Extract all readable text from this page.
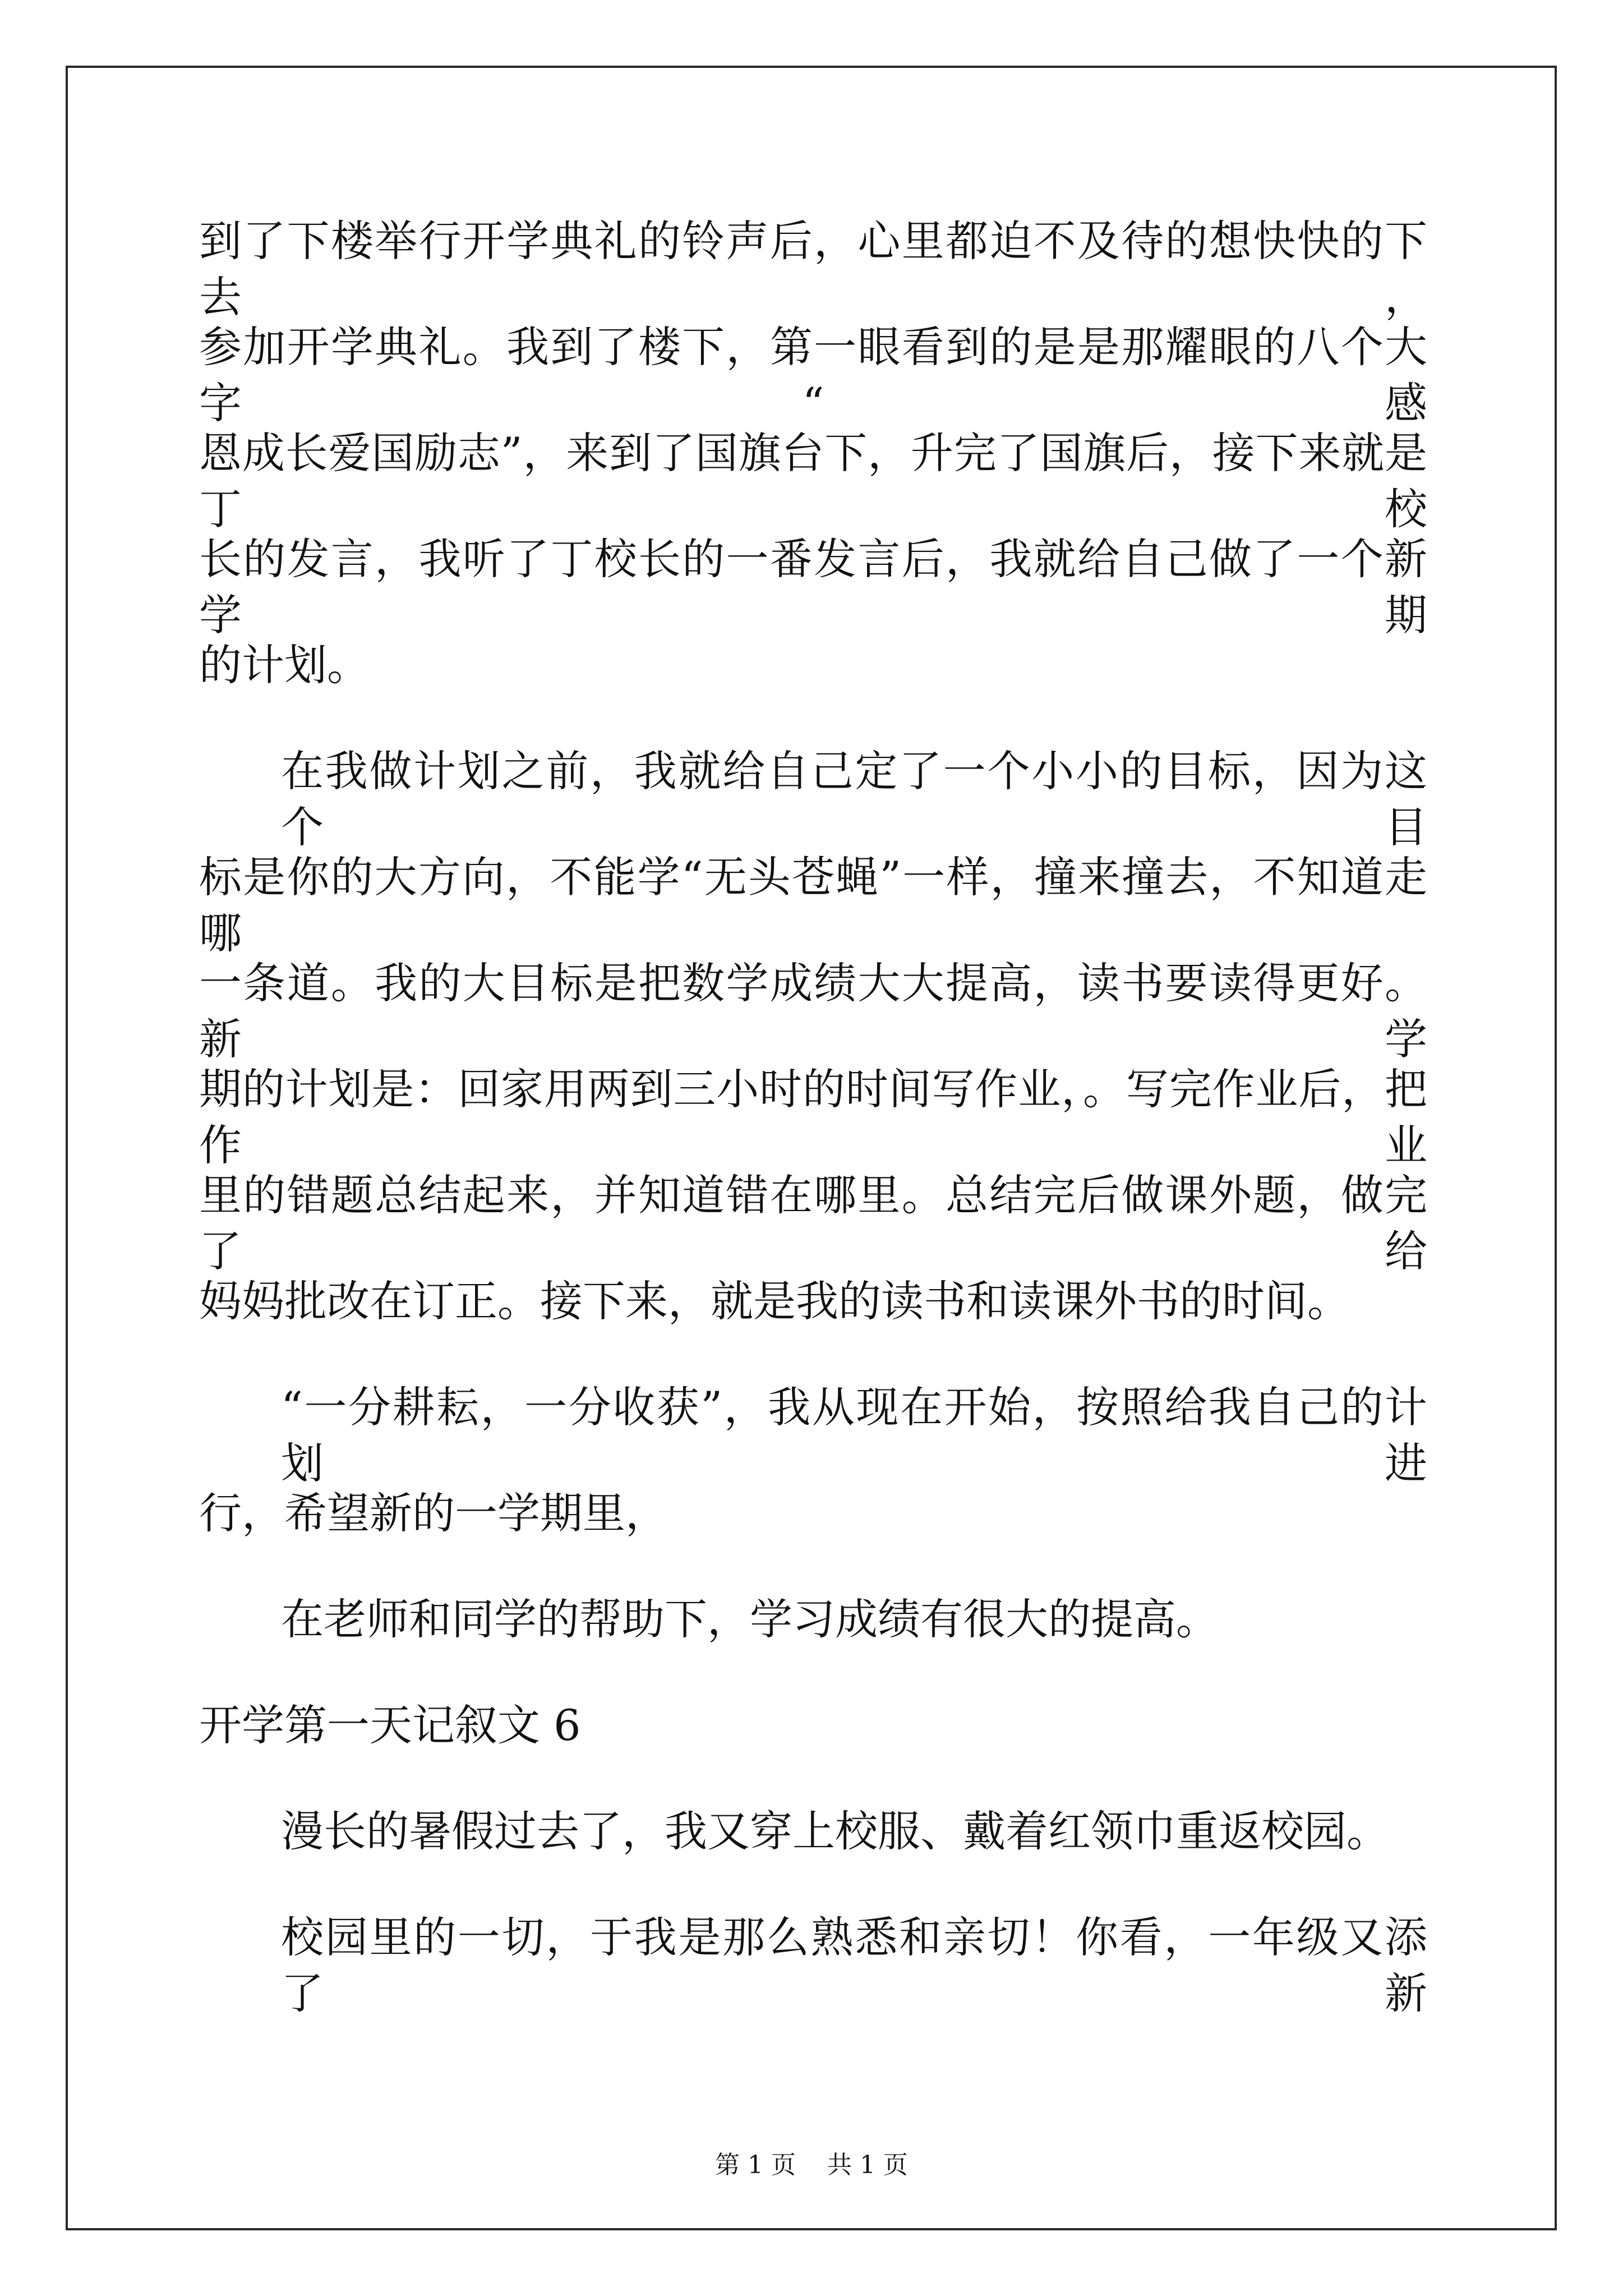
到了下楼举行开学典礼的铃声后，心里都迫不及待的想快快的下去，
参加开学典礼。我到了楼下，第一眼看到的是是那耀眼的八个大字“感
恩成长爱国励志”，来到了国旗台下，升完了国旗后，接下来就是丁校
长的发言，我听了丁校长的一番发言后，我就给自己做了一个新学期
的计划。
在我做计划之前，我就给自己定了一个小小的目标，因为这个目
标是你的大方向，不能学“无头苍蝇”一样，撞来撞去，不知道走哪
一条道。我的大目标是把数学成绩大大提高，读书要读得更好。新学
期的计划是：回家用两到三小时的时间写作业，。写完作业后，把作业
里的错题总结起来，并知道错在哪里。总结完后做课外题，做完了给
妈妈批改在订正。接下来，就是我的读书和读课外书的时间。
“一分耕耘，一分收获”，我从现在开始，按照给我自己的计划进
行，希望新的一学期里，
在老师和同学的帮助下，学习成绩有很大的提高。
开学第一天记叙文 6
漫长的暑假过去了，我又穿上校服、戴着红领巾重返校园。
校园里的一切，于我是那么熟悉和亲切！你看，一年级又添了新
第 1 页    共 1 页
